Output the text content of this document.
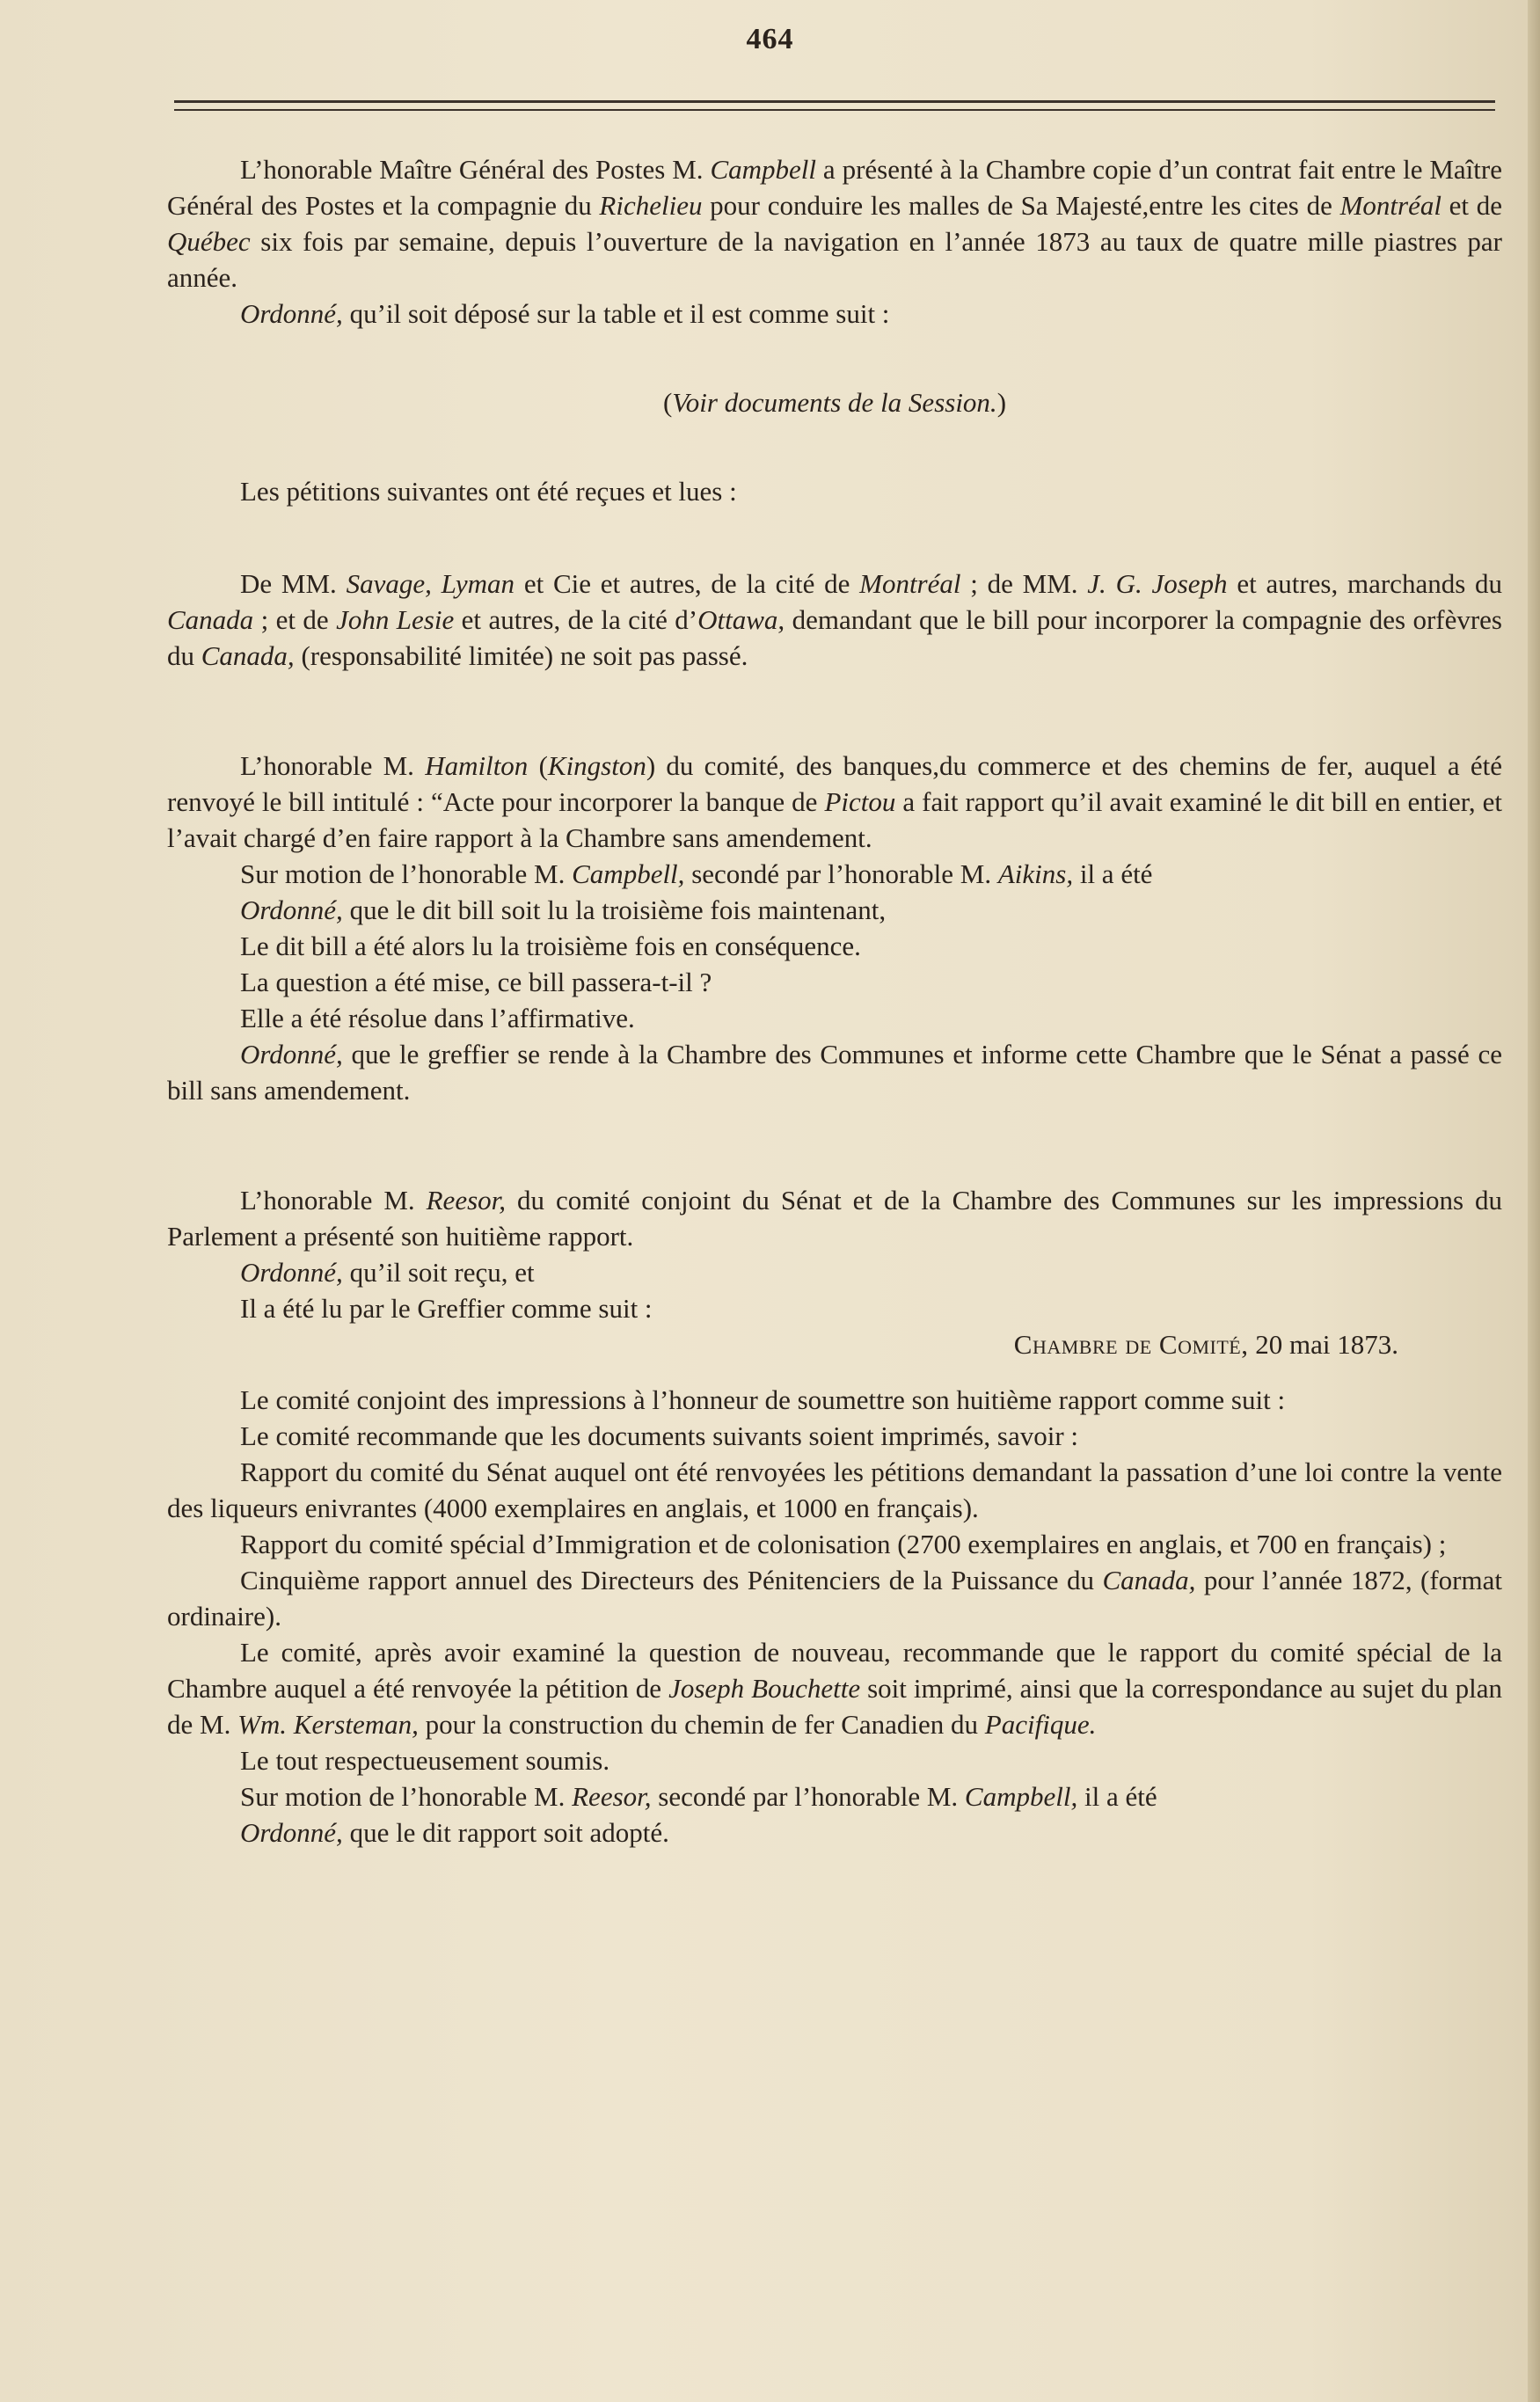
464

L’honorable Maître Général des Postes M. Campbell a présenté à la Chambre copie d’un contrat fait entre le Maître Général des Postes et la compagnie du Richelieu pour conduire les malles de Sa Majesté,entre les cites de Montréal et de Québec six fois par semaine, depuis l’ouverture de la navigation en l’année 1873 au taux de quatre mille piastres par année.

Ordonné, qu’il soit déposé sur la table et il est comme suit :

(Voir documents de la Session.)

Les pétitions suivantes ont été reçues et lues :

De MM. Savage, Lyman et Cie et autres, de la cité de Montréal ; de MM. J. G. Joseph et autres, marchands du Canada ; et de John Lesie et autres, de la cité d’Ottawa, demandant que le bill pour incorporer la compagnie des orfèvres du Canada, (responsabilité limitée) ne soit pas passé.

L’honorable M. Hamilton (Kingston) du comité, des banques,du commerce et des chemins de fer, auquel a été renvoyé le bill intitulé : “Acte pour incorporer la banque de Pictou a fait rapport qu’il avait examiné le dit bill en entier, et l’avait chargé d’en faire rapport à la Chambre sans amendement.

Sur motion de l’honorable M. Campbell, secondé par l’honorable M. Aikins, il a été

Ordonné, que le dit bill soit lu la troisième fois maintenant,

Le dit bill a été alors lu la troisième fois en conséquence.

La question a été mise, ce bill passera-t-il ?

Elle a été résolue dans l’affirmative.

Ordonné, que le greffier se rende à la Chambre des Communes et informe cette Chambre que le Sénat a passé ce bill sans amendement.

L’honorable M. Reesor, du comité conjoint du Sénat et de la Chambre des Communes sur les impressions du Parlement a présenté son huitième rapport.

Ordonné, qu’il soit reçu, et

Il a été lu par le Greffier comme suit :

Chambre de Comité, 20 mai 1873.

Le comité conjoint des impressions à l’honneur de soumettre son huitième rapport comme suit :

Le comité recommande que les documents suivants soient imprimés, savoir :

Rapport du comité du Sénat auquel ont été renvoyées les pétitions demandant la passation d’une loi contre la vente des liqueurs enivrantes (4000 exemplaires en anglais, et 1000 en français).

Rapport du comité spécial d’Immigration et de colonisation (2700 exemplaires en anglais, et 700 en français) ;

Cinquième rapport annuel des Directeurs des Pénitenciers de la Puissance du Canada, pour l’année 1872, (format ordinaire).

Le comité, après avoir examiné la question de nouveau, recommande que le rapport du comité spécial de la Chambre auquel a été renvoyée la pétition de Joseph Bouchette soit imprimé, ainsi que la correspondance au sujet du plan de M. Wm. Kersteman, pour la construction du chemin de fer Canadien du Pacifique.

Le tout respectueusement soumis.

Sur motion de l’honorable M. Reesor, secondé par l’honorable M. Campbell, il a été

Ordonné, que le dit rapport soit adopté.
